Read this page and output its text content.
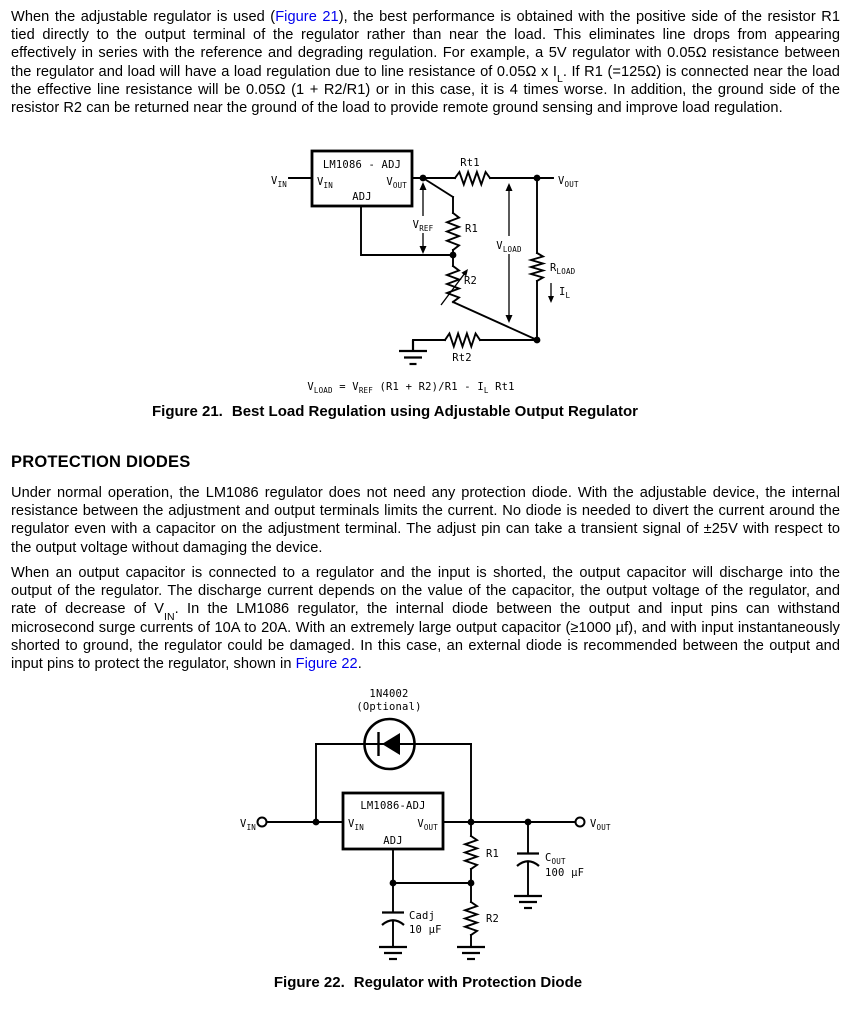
When the adjustable regulator is used (Figure 21), the best performance is obtained with the positive side of the resistor R1 tied directly to the output terminal of the regulator rather than near the load. This eliminates line drops from appearing effectively in series with the reference and degrading regulation. For example, a 5V regulator with 0.05Ω resistance between the regulator and load will have a load regulation due to line resistance of 0.05Ω x $I_L$. If R1 (=125Ω) is connected near the load the effective line resistance will be 0.05Ω (1 + R2/R1) or in this case, it is 4 times worse. In addition, the ground side of the resistor R2 can be returned near the ground of the load to provide remote ground sensing and improve load regulation.

$V_{IN}$
LM1086 - ADJ
$V_{IN}$	$V_{OUT}$
ADJ
Rt1
$V_{OUT}$
$V_{REF}$	R1
R2
$V_{LOAD}$
$R_{LOAD}$
$I_L$
Rt2
$V_{LOAD} = V_{REF}$ $(R1 + R2)/R1 - I_L$ Rt1

Figure 21. Best Load Regulation using Adjustable Output Regulator

PROTECTION DIODES

Under normal operation, the LM1086 regulator does not need any protection diode. With the adjustable device, the internal resistance between the adjustment and output terminals limits the current. No diode is needed to divert the current around the regulator even with a capacitor on the adjustment terminal. The adjust pin can take a transient signal of ±25V with respect to the output voltage without damaging the device.

When an output capacitor is connected to a regulator and the input is shorted, the output capacitor will discharge into the output of the regulator. The discharge current depends on the value of the capacitor, the output voltage of the regulator, and rate of decrease of $V_{IN}$. In the LM1086 regulator, the internal diode between the output and input pins can withstand microsecond surge currents of 10A to 20A. With an extremely large output capacitor (≥1000 µf), and with input instantaneously shorted to ground, the regulator could be damaged. In this case, an external diode is recommended between the output and input pins to protect the regulator, shown in Figure 22.

1N4002
(Optional)
$V_{IN}$
LM1086-ADJ
$V_{IN}$	$V_{OUT}$
ADJ
$V_{OUT}$
R1
R2
Cadj
10 µF
$C_{OUT}$
100 µF

Figure 22. Regulator with Protection Diode
